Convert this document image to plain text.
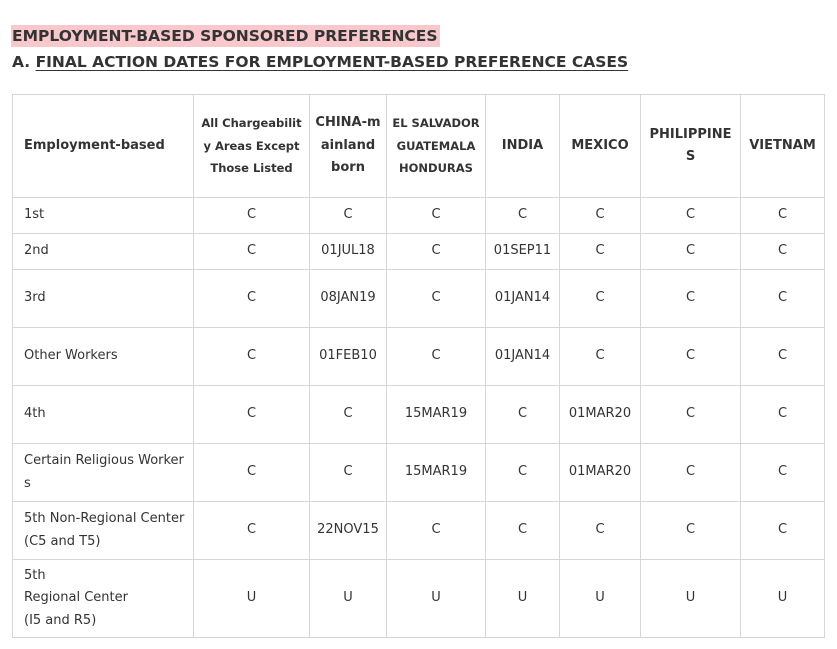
EMPLOYMENT-BASED SPONSORED PREFERENCES
A. FINAL ACTION DATES FOR EMPLOYMENT-BASED PREFERENCE CASES
Employment-based	All Chargeability Areas Except Those Listed	CHINA-mainland born	EL SALVADOR GUATEMALA HONDURAS	INDIA	MEXICO	PHILIPPINES	VIETNAM
1st	C	C	C	C	C	C	C
2nd	C	01JUL18	C	01SEP11	C	C	C
3rd	C	08JAN19	C	01JAN14	C	C	C
Other Workers	C	01FEB10	C	01JAN14	C	C	C
4th	C	C	15MAR19	C	01MAR20	C	C
Certain Religious Workers	C	C	15MAR19	C	01MAR20	C	C
5th Non-Regional Center (C5 and T5)	C	22NOV15	C	C	C	C	C

5th
Regional Center
(I5 and R5)	U	U	U	U	U	U	U
